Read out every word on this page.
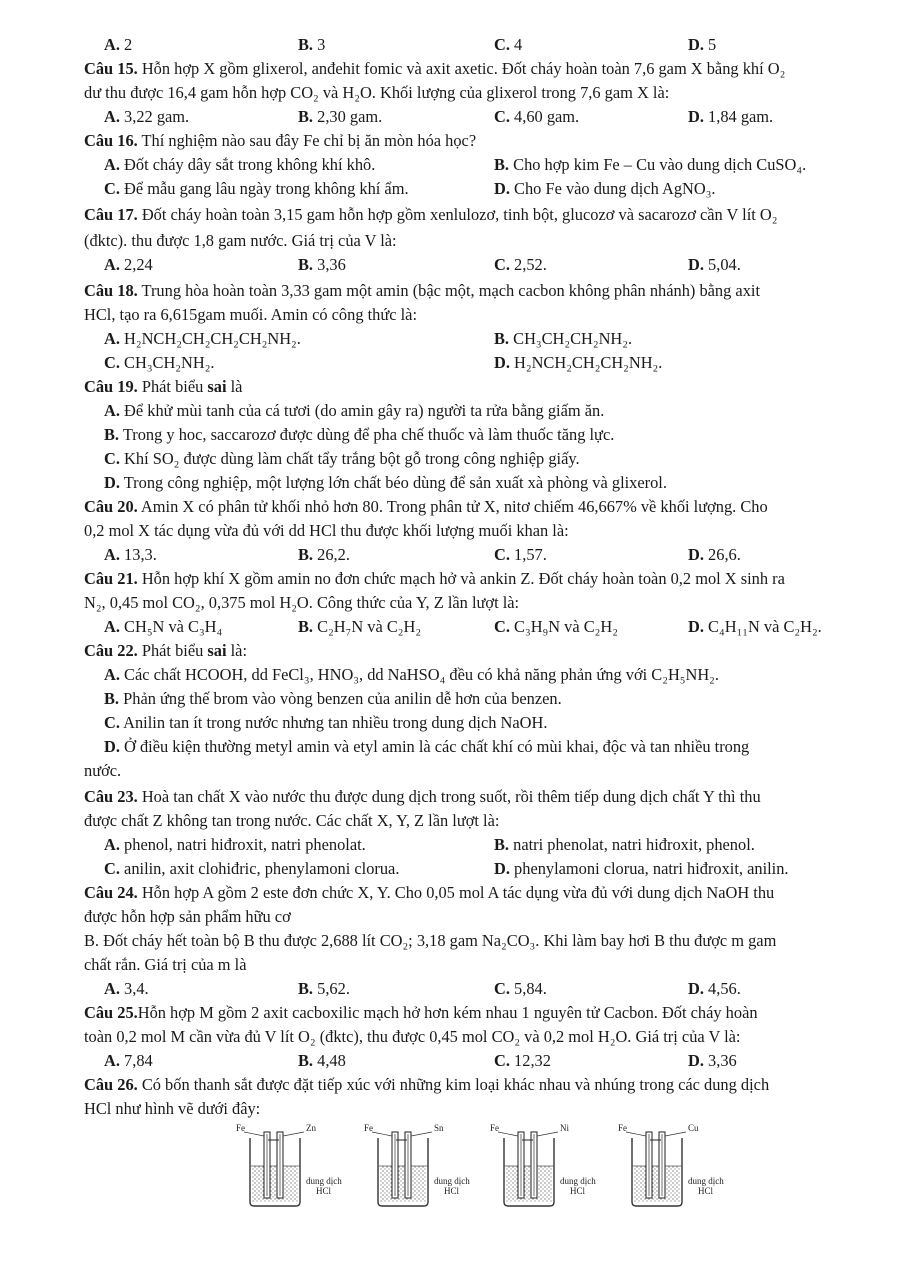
A. 2	B. 3	C. 4	D. 5
Câu 15. Hỗn hợp X gồm glixerol, anđehit fomic và axit axetic. Đốt cháy hoàn toàn 7,6 gam X bằng khí O₂
dư thu được 16,4 gam hỗn hợp CO₂ và H₂O. Khối lượng của glixerol trong 7,6 gam X là:
A. 3,22 gam.	B. 2,30 gam.	C. 4,60 gam.	D. 1,84 gam.
Câu 16. Thí nghiệm nào sau đây Fe chỉ bị ăn mòn hóa học?
A. Đốt cháy dây sắt trong không khí khô.	B. Cho hợp kim Fe – Cu vào dung dịch CuSO₄.
C. Để mẫu gang lâu ngày trong không khí ẩm.	D. Cho Fe vào dung dịch AgNO₃.
Câu 17. Đốt cháy hoàn toàn 3,15 gam hỗn hợp gồm xenlulozơ, tinh bột, glucozơ và sacarozơ cần V lít O₂
(đktc). thu được 1,8 gam nước. Giá trị của V là:
A. 2,24	B. 3,36	C. 2,52.	D. 5,04.
Câu 18. Trung hòa hoàn toàn 3,33 gam một amin (bậc một, mạch cacbon không phân nhánh) bằng axit
HCl, tạo ra 6,615gam muối. Amin có công thức là:
A. H₂NCH₂CH₂CH₂CH₂NH₂.	B. CH₃CH₂CH₂NH₂.
C. CH₃CH₂NH₂.	D. H₂NCH₂CH₂CH₂NH₂.
Câu 19. Phát biểu sai là
A. Để khử mùi tanh của cá tươi (do amin gây ra) người ta rửa bằng giấm ăn.
B. Trong y hoc, saccarozơ được dùng để pha chế thuốc và làm thuốc tăng lực.
C. Khí SO₂ được dùng làm chất tẩy trắng bột gỗ trong công nghiệp giấy.
D. Trong công nghiệp, một lượng lớn chất béo dùng để sản xuất xà phòng và glixerol.
Câu 20. Amin X có phân tử khối nhỏ hơn 80. Trong phân tử X, nitơ chiếm 46,667% về khối lượng. Cho
0,2 mol X tác dụng vừa đủ với dd HCl thu được khối lượng muối khan là:
A. 13,3.	B. 26,2.	C. 1,57.	D. 26,6.
Câu 21. Hỗn hợp khí X gồm amin no đơn chức mạch hở và ankin Z. Đốt cháy hoàn toàn 0,2 mol X sinh ra
N₂, 0,45 mol CO₂, 0,375 mol H₂O. Công thức của Y, Z lần lượt là:
A. CH₅N và C₃H₄	B. C₂H₇N và C₂H₂	C. C₃H₉N và C₂H₂	D. C₄H₁₁N và C₂H₂.
Câu 22. Phát biểu sai là:
A. Các chất HCOOH, dd FeCl₃, HNO₃, dd NaHSO₄ đều có khả năng phản ứng với C₂H₅NH₂.
B. Phản ứng thế brom vào vòng benzen của anilin dễ hơn của benzen.
C. Anilin tan ít trong nước nhưng tan nhiều trong dung dịch NaOH.
D. Ở điều kiện thường metyl amin và etyl amin là các chất khí có mùi khai, độc và tan nhiều trong
nước.
Câu 23. Hoà tan chất X vào nước thu được dung dịch trong suốt, rồi thêm tiếp dung dịch chất Y thì thu
được chất Z không tan trong nước. Các chất X, Y, Z lần lượt là:
A. phenol, natri hiđroxit, natri phenolat.	B. natri phenolat, natri hiđroxit, phenol.
C. anilin, axit clohiđric, phenylamoni clorua.	D. phenylamoni clorua, natri hiđroxit, anilin.
Câu 24. Hỗn hợp A gồm 2 este đơn chức X, Y. Cho 0,05 mol A tác dụng vừa đủ với dung dịch NaOH thu
được hỗn hợp sản phẩm hữu cơ
B. Đốt cháy hết toàn bộ B thu được 2,688 lít CO₂; 3,18 gam Na₂CO₃. Khi làm bay hơi B thu được m gam
chất rắn. Giá trị của m là
A. 3,4.	B. 5,62.	C. 5,84.	D. 4,56.
Câu 25.Hỗn hợp M gồm 2 axit cacboxilic mạch hở hơn kém nhau 1 nguyên tử Cacbon. Đốt cháy hoàn
toàn 0,2 mol M cần vừa đủ V lít O₂ (đktc), thu được 0,45 mol CO₂ và 0,2 mol H₂O. Giá trị của V là:
A. 7,84	B. 4,48	C. 12,32	D. 3,36
Câu 26. Có bốn thanh sắt được đặt tiếp xúc với những kim loại khác nhau và nhúng trong các dung dịch
HCl như hình vẽ dưới đây:
Fe	Zn
dung dịch
HCl
Fe	Sn
dung dịch
HCl
Fe	Ni
dung dịch
HCl
Fe	Cu
dung dịch
HCl
